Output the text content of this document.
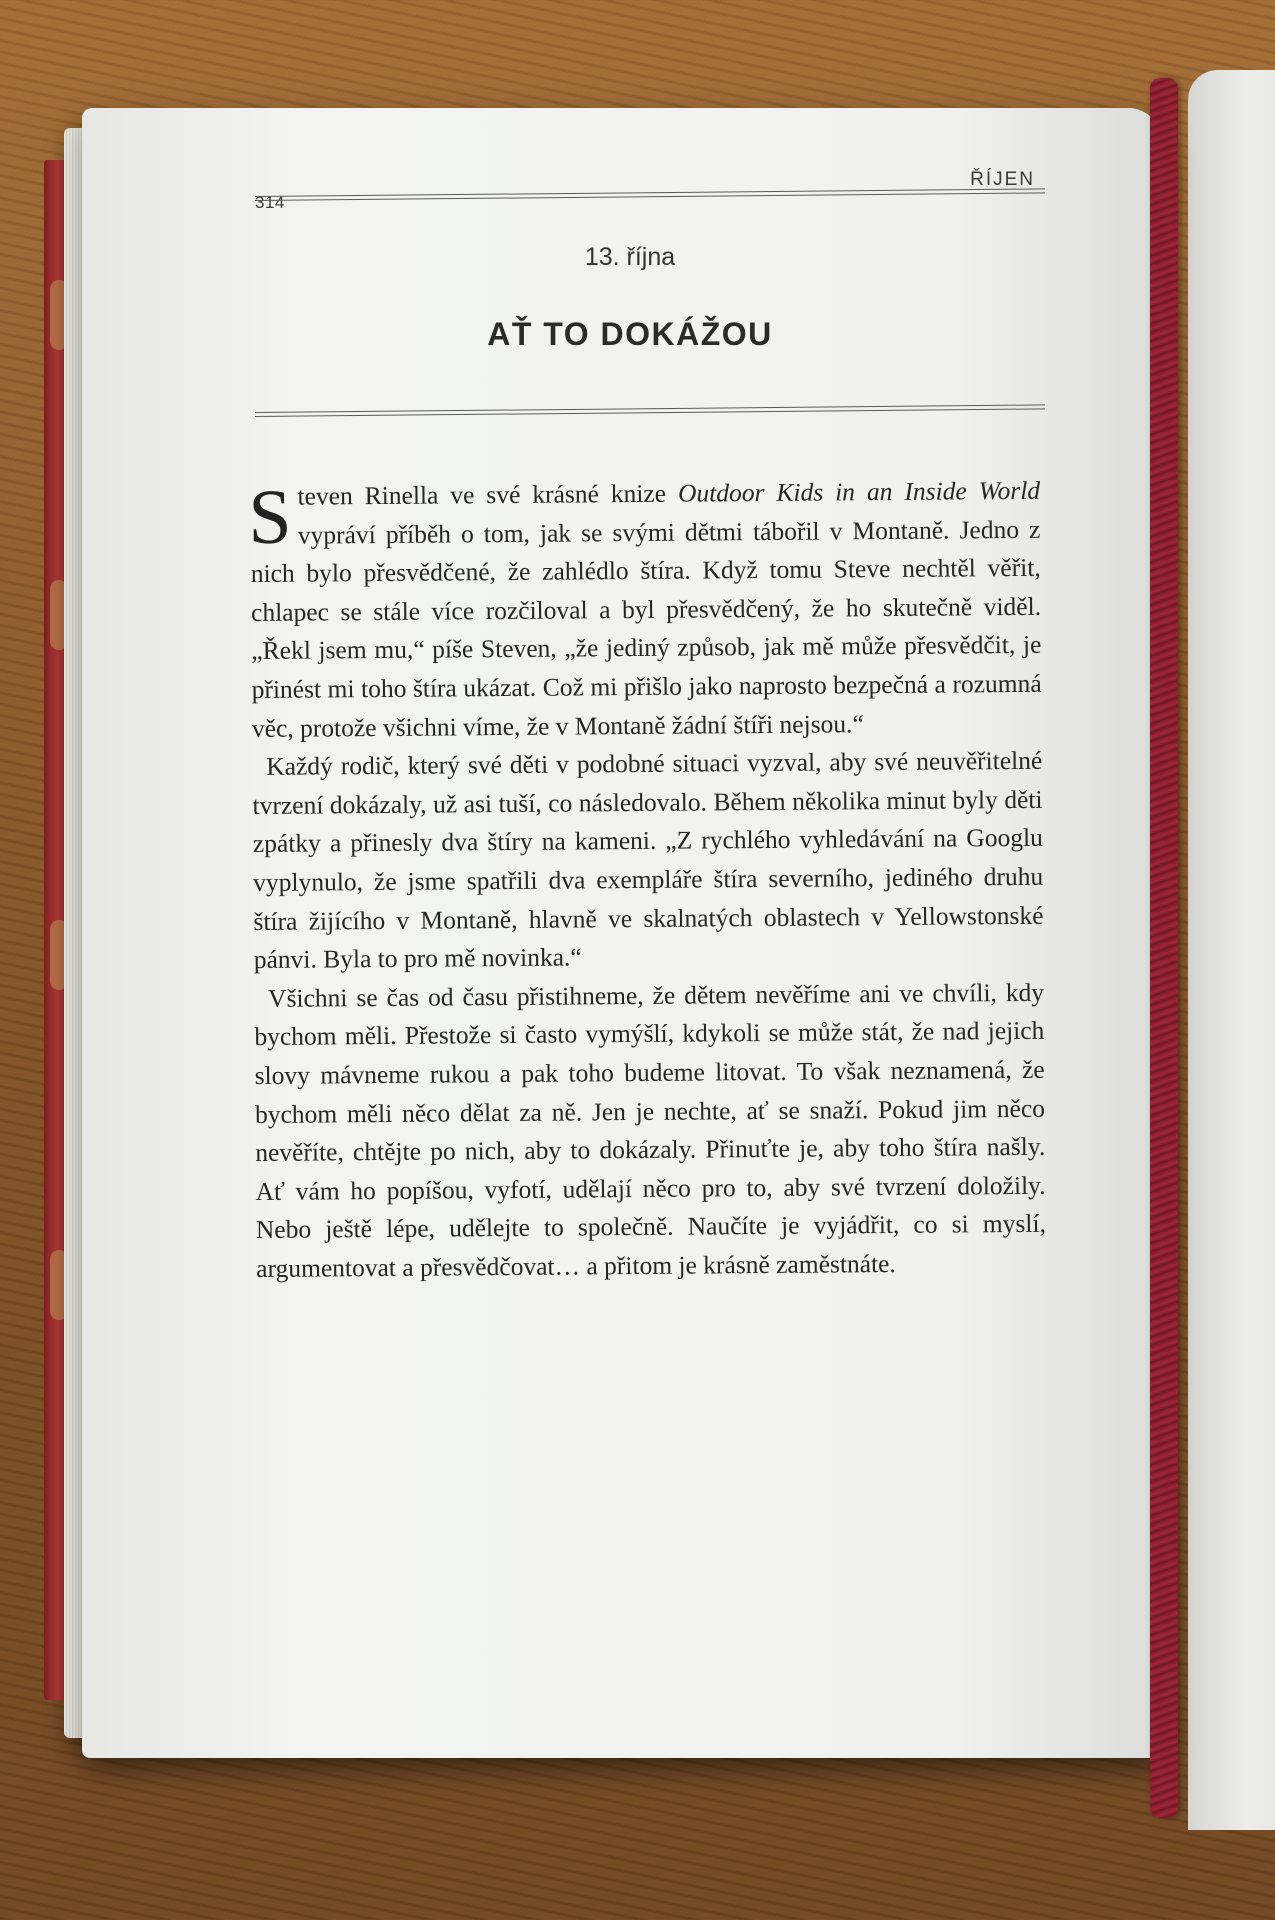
314
ŘÍJEN
13. října
AŤ TO DOKÁŽOU

Steven Rinella ve své krásné knize Outdoor Kids in an Inside World vypráví příběh o tom, jak se svými dětmi tábořil v Montaně. Jedno z nich bylo přesvědčené, že zahlédlo štíra. Když tomu Steve nechtěl věřit, chlapec se stále více rozčiloval a byl přesvědčený, že ho skutečně viděl. „Řekl jsem mu,“ píše Steven, „že jediný způsob, jak mě může přesvědčit, je přinést mi toho štíra ukázat. Což mi přišlo jako naprosto bezpečná a rozumná věc, protože všichni víme, že v Montaně žádní štíři nejsou.“

Každý rodič, který své děti v podobné situaci vyzval, aby své neuvěřitelné tvrzení dokázaly, už asi tuší, co následovalo. Během několika minut byly děti zpátky a přinesly dva štíry na kameni. „Z rychlého vyhledávání na Googlu vyplynulo, že jsme spatřili dva exempláře štíra severního, jediného druhu štíra žijícího v Montaně, hlavně ve skalnatých oblastech v Yellowstonské pánvi. Byla to pro mě novinka.“

Všichni se čas od času přistihneme, že dětem nevěříme ani ve chvíli, kdy bychom měli. Přestože si často vymýšlí, kdykoli se může stát, že nad jejich slovy mávneme rukou a pak toho budeme litovat. To však neznamená, že bychom měli něco dělat za ně. Jen je nechte, ať se snaží. Pokud jim něco nevěříte, chtějte po nich, aby to dokázaly. Přinuťte je, aby toho štíra našly. Ať vám ho popíšou, vyfotí, udělají něco pro to, aby své tvrzení doložily. Nebo ještě lépe, udělejte to společně. Naučíte je vyjádřit, co si myslí, argumentovat a přesvědčovat… a přitom je krásně zaměstnáte.
